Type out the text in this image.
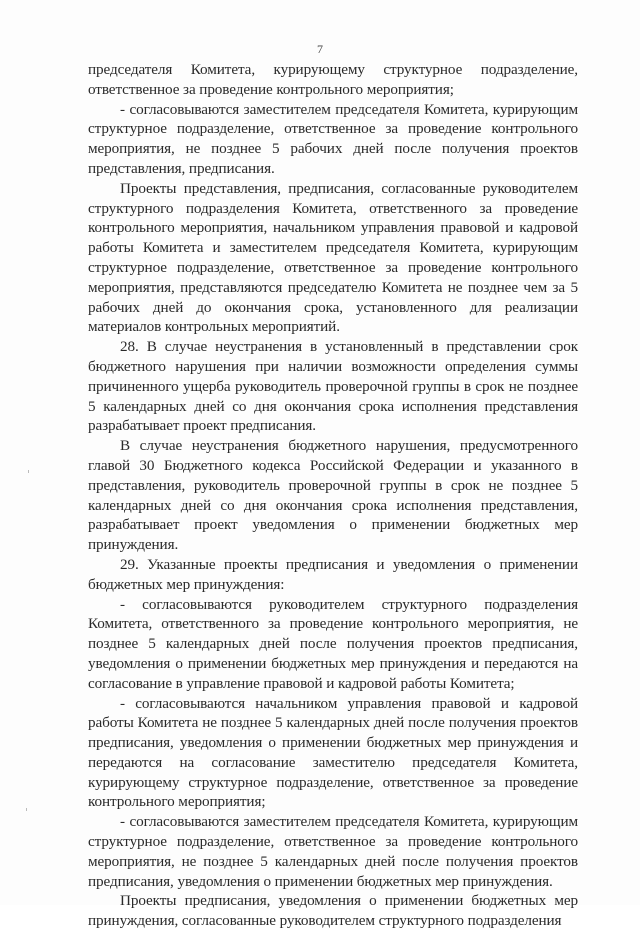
7

председателя Комитета, курирующему структурное подразделение, ответственное за проведение контрольного мероприятия;

- согласовываются заместителем председателя Комитета, курирующим структурное подразделение, ответственное за проведение контрольного мероприятия, не позднее 5 рабочих дней после получения проектов представления, предписания.

Проекты представления, предписания, согласованные руководителем структурного подразделения Комитета, ответственного за проведение контрольного мероприятия, начальником управления правовой и кадровой работы Комитета и заместителем председателя Комитета, курирующим структурное подразделение, ответственное за проведение контрольного мероприятия, представляются председателю Комитета не позднее чем за 5 рабочих дней до окончания срока, установленного для реализации материалов контрольных мероприятий.

28. В случае неустранения в установленный в представлении срок бюджетного нарушения при наличии возможности определения суммы причиненного ущерба руководитель проверочной группы в срок не позднее 5 календарных дней со дня окончания срока исполнения представления разрабатывает проект предписания.

В случае неустранения бюджетного нарушения, предусмотренного главой 30 Бюджетного кодекса Российской Федерации и указанного в представления, руководитель проверочной группы в срок не позднее 5 календарных дней со дня окончания срока исполнения представления, разрабатывает проект уведомления о применении бюджетных мер принуждения.

29. Указанные проекты предписания и уведомления о применении бюджетных мер принуждения:

- согласовываются руководителем структурного подразделения Комитета, ответственного за проведение контрольного мероприятия, не позднее 5 календарных дней после получения проектов предписания, уведомления о применении бюджетных мер принуждения и передаются на согласование в управление правовой и кадровой работы Комитета;

- согласовываются начальником управления правовой и кадровой работы Комитета не позднее 5 календарных дней после получения проектов предписания, уведомления о применении бюджетных мер принуждения и передаются на согласование заместителю председателя Комитета, курирующему структурное подразделение, ответственное за проведение контрольного мероприятия;

- согласовываются заместителем председателя Комитета, курирующим структурное подразделение, ответственное за проведение контрольного мероприятия, не позднее 5 календарных дней после получения проектов предписания, уведомления о применении бюджетных мер принуждения.

Проекты предписания, уведомления о применении бюджетных мер принуждения, согласованные руководителем структурного подразделения
